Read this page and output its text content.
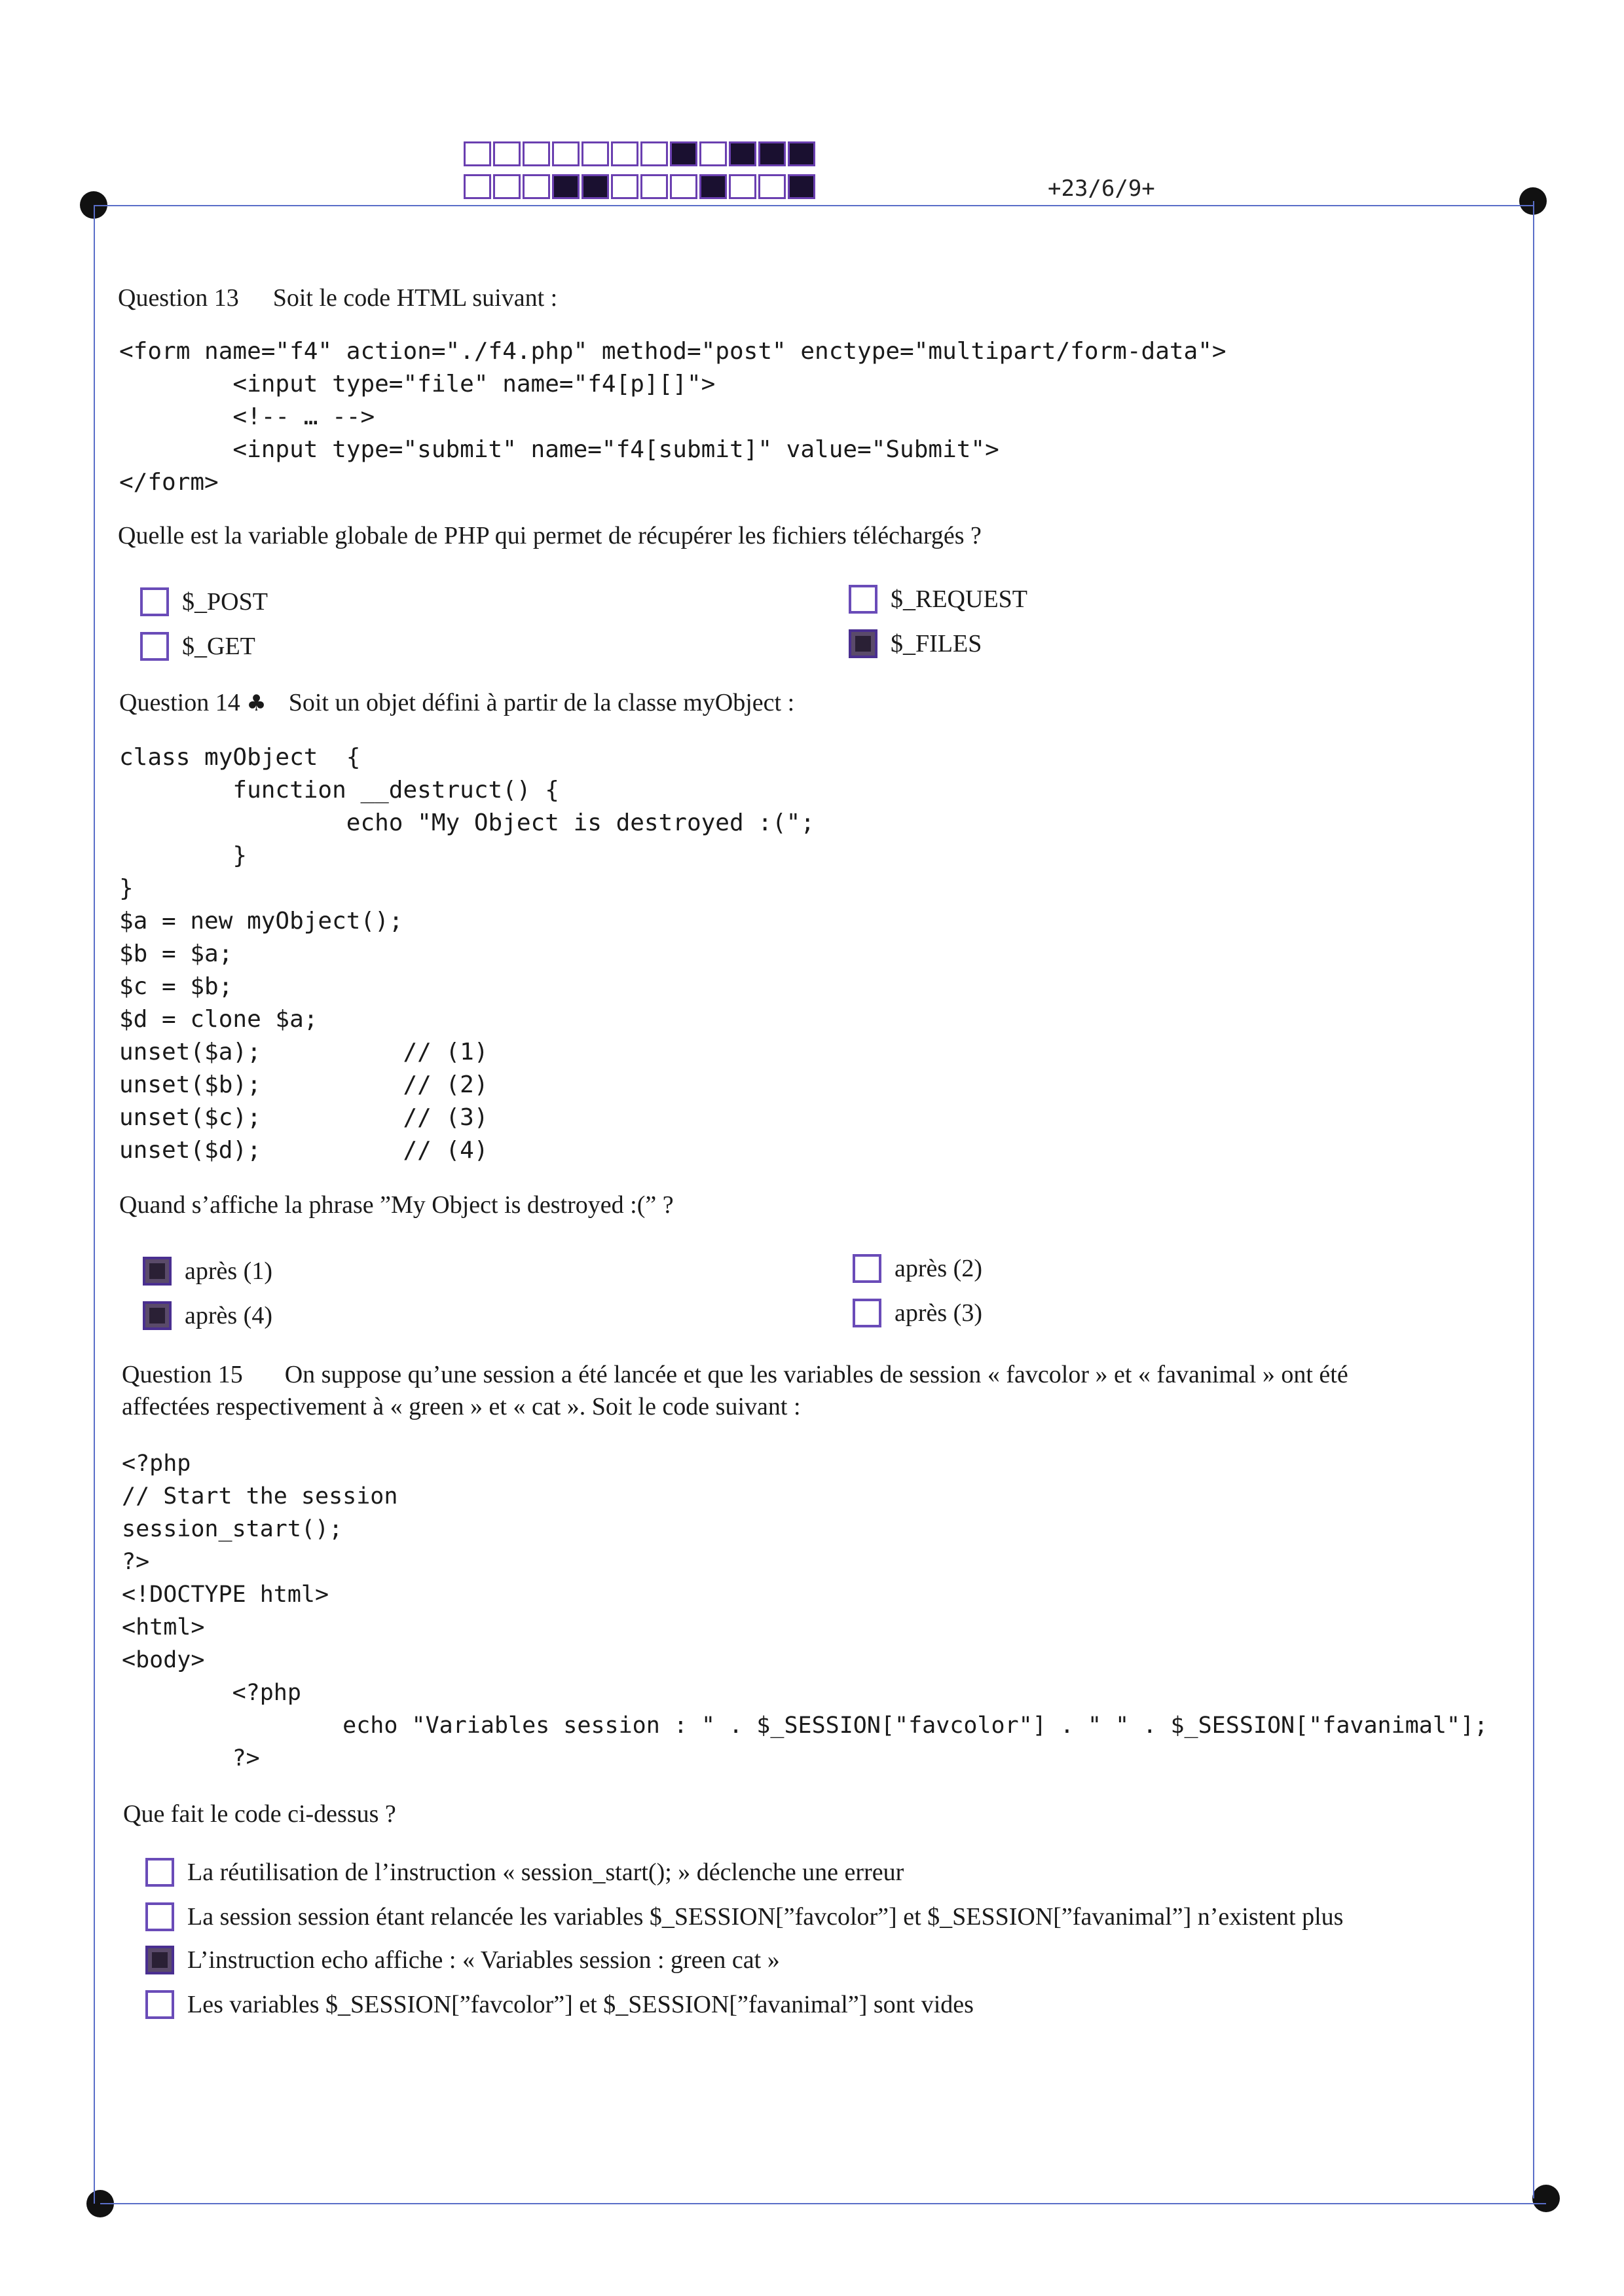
+23/6/9+
Question 13 Soit le code HTML suivant :
<form name="f4" action="./f4.php" method="post" enctype="multipart/form-data">
<input type="file" name="f4[p][]">
<!-- … -->
<input type="submit" name="f4[submit]" value="Submit">
</form>
Quelle est la variable globale de PHP qui permet de récupérer les fichiers téléchargés ?
$_POST
$_GET
$_REQUEST
$_FILES
Question 14 ♣ Soit un objet défini à partir de la classe myObject :
class myObject  {
function __destruct() {
echo "My Object is destroyed :(";
}
}
$a = new myObject();
$b = $a;
$c = $b;
$d = clone $a;
unset($a);          // (1)
unset($b);          // (2)
unset($c);          // (3)
unset($d);          // (4)
Quand s’affiche la phrase ”My Object is destroyed :(” ?
après (1)
après (4)
après (2)
après (3)
Question 15 On suppose qu’une session a été lancée et que les variables de session « favcolor » et « favanimal » ont été
affectées respectivement à « green » et « cat ». Soit le code suivant :
<?php
// Start the session
session_start();
?>
<!DOCTYPE html>
<html>
<body>
<?php
echo "Variables session : " . $_SESSION["favcolor"] . " " . $_SESSION["favanimal"];
?>
Que fait le code ci-dessus ?
La réutilisation de l’instruction « session_start(); » déclenche une erreur
La session session étant relancée les variables $_SESSION[”favcolor”] et $_SESSION[”favanimal”] n’existent plus
L’instruction echo affiche : « Variables session : green cat »
Les variables $_SESSION[”favcolor”] et $_SESSION[”favanimal”] sont vides
